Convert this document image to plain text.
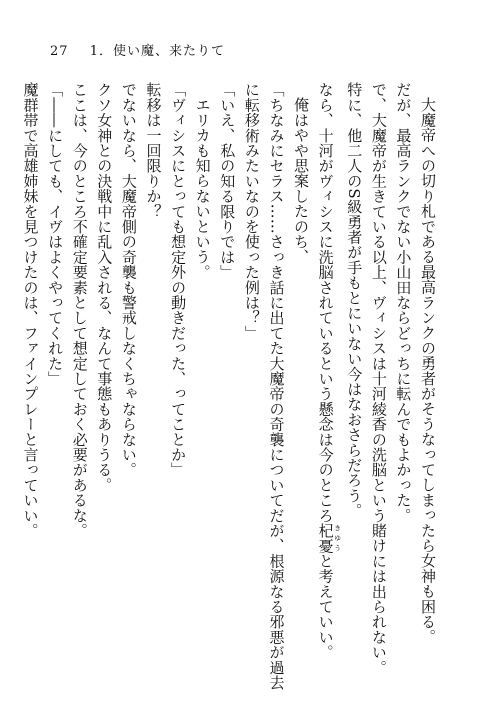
27 1．使い魔、来たりて
大魔帝への切り札である最高ランクの勇者がそうなってしまったら女神も困る。
だが、最高ランクでない小山田ならどっちに転んでもよかった。
で、大魔帝が生きている以上、ヴィシスは十河綾香の洗脳という賭けには出られない。
特に、他二人のS級勇者が手もとにいない今はなおさらだろう。
なら、十河がヴィシスに洗脳されているという懸念は今のところ杞憂 きゆうと考えていい。
俺はやや思案したのち、
「ちなみにセラス……さっき話に出てた大魔帝の奇襲についてだが、根源なる邪悪が過去
に転移術みたいなのを使った例は？」
「いえ、私の知る限りでは」
エリカも知らないという。
「ヴィシスにとっても想定外の動きだった、ってことか」
転移は一回限りか？
でないなら、大魔帝側の奇襲も警戒しなくちゃならない。
クソ女神との決戦中に乱入される、なんて事態もありうる。
ここは、今のところ不確定要素として想定しておく必要があるな。
「――にしても、イヴはよくやってくれた」
魔群帯で高雄姉妹を見つけたのは、ファインプレーと言っていい。
